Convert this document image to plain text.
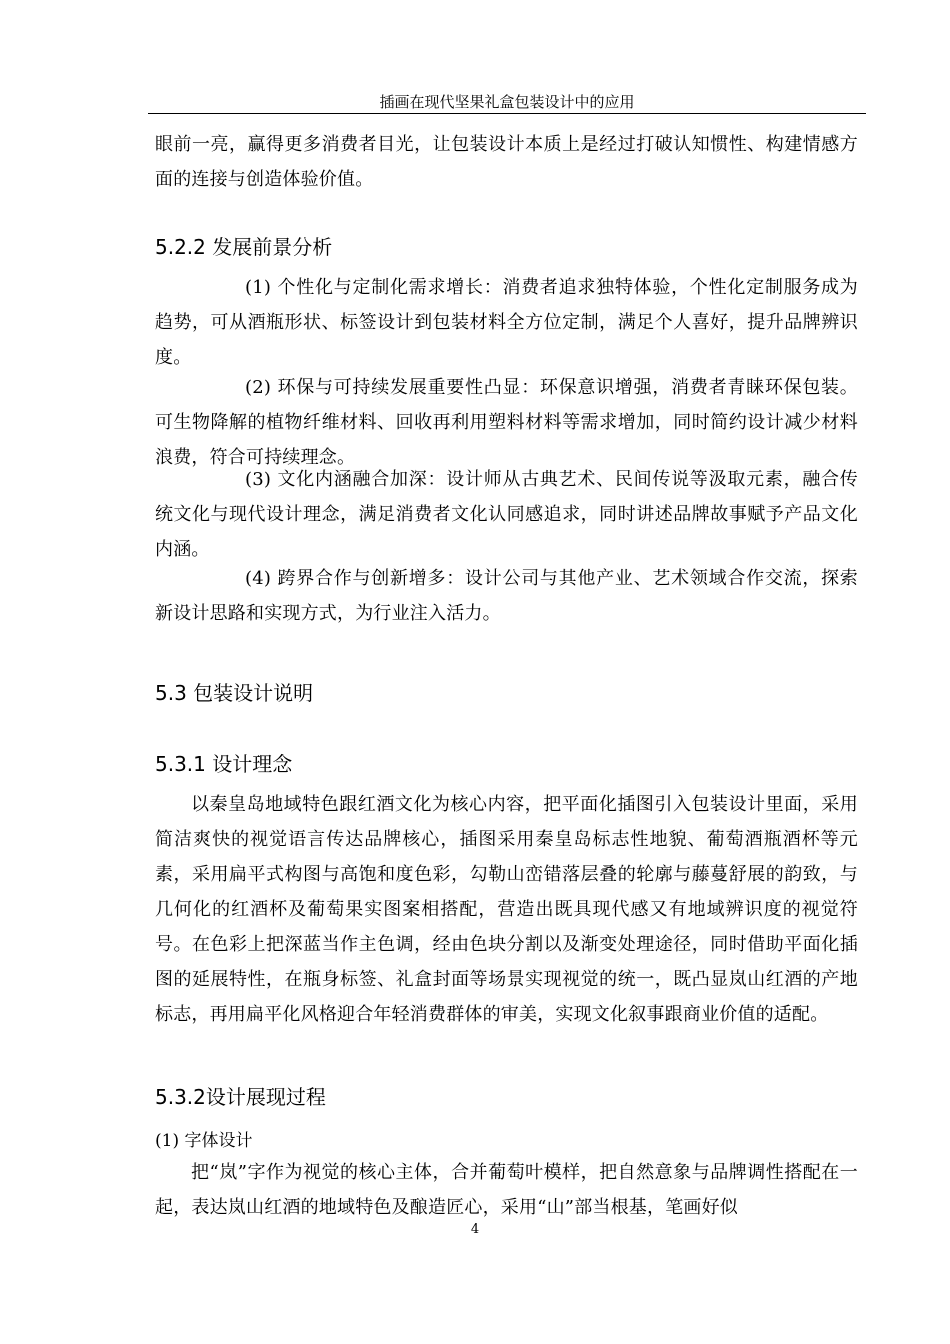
插画在现代坚果礼盒包装设计中的应用

眼前一亮，赢得更多消费者目光，让包装设计本质上是经过打破认知惯性、构建情感方面的连接与创造体验价值。

5.2.2 发展前景分析

(1) 个性化与定制化需求增长：消费者追求独特体验，个性化定制服务成为趋势，可从酒瓶形状、标签设计到包装材料全方位定制，满足个人喜好，提升品牌辨识度。

(2) 环保与可持续发展重要性凸显：环保意识增强，消费者青睐环保包装。可生物降解的植物纤维材料、回收再利用塑料材料等需求增加，同时简约设计减少材料浪费，符合可持续理念。

(3) 文化内涵融合加深：设计师从古典艺术、民间传说等汲取元素，融合传统文化与现代设计理念，满足消费者文化认同感追求，同时讲述品牌故事赋予产品文化内涵。

(4) 跨界合作与创新增多：设计公司与其他产业、艺术领域合作交流，探索新设计思路和实现方式，为行业注入活力。

5.3 包装设计说明
5.3.1 设计理念

以秦皇岛地域特色跟红酒文化为核心内容，把平面化插图引入包装设计里面，采用简洁爽快的视觉语言传达品牌核心，插图采用秦皇岛标志性地貌、葡萄酒瓶酒杯等元素，采用扁平式构图与高饱和度色彩，勾勒山峦错落层叠的轮廓与藤蔓舒展的韵致，与几何化的红酒杯及葡萄果实图案相搭配，营造出既具现代感又有地域辨识度的视觉符号。在色彩上把深蓝当作主色调，经由色块分割以及渐变处理途径，同时借助平面化插图的延展特性，在瓶身标签、礼盒封面等场景实现视觉的统一，既凸显岚山红酒的产地标志，再用扁平化风格迎合年轻消费群体的审美，实现文化叙事跟商业价值的适配。

5.3.2设计展现过程
(1) 字体设计

把“岚”字作为视觉的核心主体，合并葡萄叶模样，把自然意象与品牌调性搭配在一起，表达岚山红酒的地域特色及酿造匠心，采用“山”部当根基，笔画好似

4
